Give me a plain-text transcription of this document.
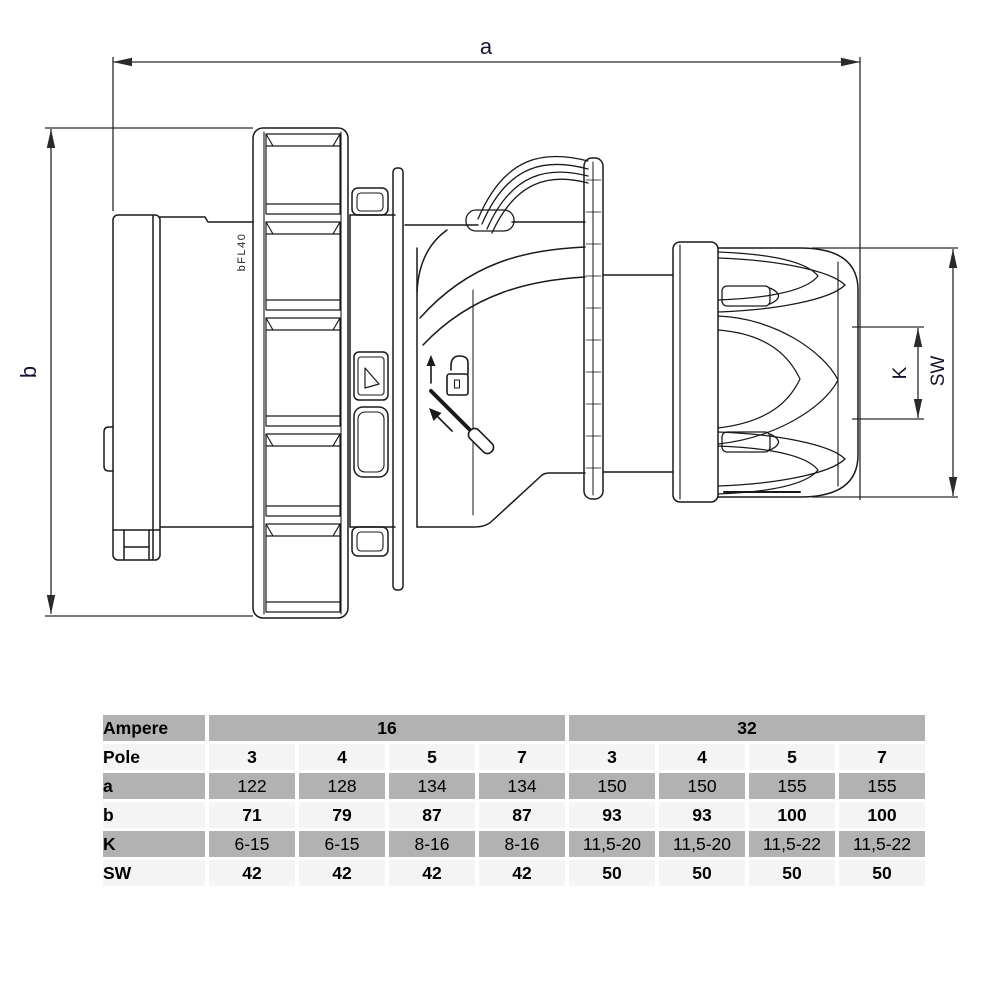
a
b	K SW
bFL40
Ampere	16				32			
Pole	3	4	5	7	3	4	5	7
a	122	128	134	134	150	150	155	155
b	71	79	87	87	93	93	100	100
K	6-15	6-15	8-16	8-16	11,5-20	11,5-20	11,5-22	11,5-22
SW	42	42	42	42	50	50	50	50
